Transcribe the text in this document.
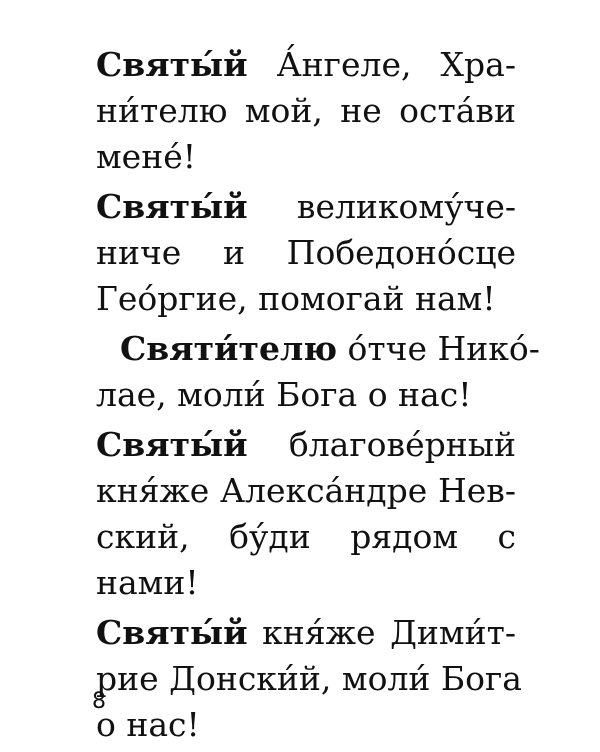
Святы́й А́нгеле, Хра-
ни́телю мой, не оста́ви
мене́!
Святы́й великому́че-
ниче и Победоно́сце
Гео́ргие, помогай нам!
Святи́телю о́тче Нико́-
лае, моли́ Бога о нас!
Святы́й благове́рный
кня́же Алекса́ндре Нев-
ский, бу́ди рядом с
нами!
Святы́й кня́же Дими́т-
рие Донски́й, моли́ Бога
о нас!
8
